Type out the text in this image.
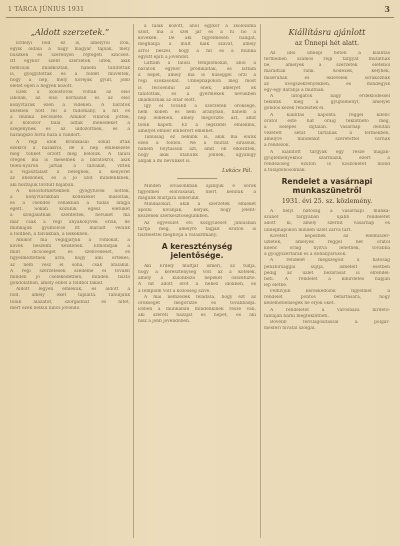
1 TÁRCA JÚNIUS 1931	3
„Aldott szerzetek.”
Erdélyi föld ez is, amelyről írok,
egyik oldala a nagy magyar tájnak, mely
büszkén és szerényen rejtegeti kincseit.
Itt egykor szent szerzetek ültek, akik
nemcsak imádkoztak, hanem tanítottak
is, gyógyítottak és a földet művelték,
hogy a nép, mely köréjük gyűlt, jobb
életet éljen a hegyek között.
Ezek a kolostorok voltak az első
iskolák, az első kórházak és az első
könyvtárak ezen a vidéken. A barátok
kezében nőtt fel a tudomány, a hit és
a munka becsülete. Amikor viharok jöttek,
a kolostor falai adtak menedéket a
szegénynek és az üldözöttnek, és a
harangszó hívta haza a vándort.
A régi idők krónikásai sokat írtak
ezekről a házakról, de a nép emlékezete
még többet őrzött meg belőlük. A falusi
öregek ma is mesélnek a barátokról, akik
télen-nyáron járták a falvakat, vitték
a vigasztalást a betegnek, a kenyeret
az éhezőnek, és a jó szót mindenkinek,
aki hozzájuk fordult bajában.
A kolostorkertekben gyógyfüvek nőttek,
a könyvtárakban kódexeket másoltak,
és a csendes cellákban a tudás lángja
égett. Sokan közülük egész életüket
a szolgálatnak szentelték, nevüket ma
már csak a régi anyakönyvek őrzik, de
munkájuk gyümölcse itt maradt velünk
a földben, a falvakban, a lelkekben.
Amikor ma végigjárjuk a romokat, a
kövek beszélni kezdenek. Elmondják a
múlt dicsőségét és szenvedését, és
figyelmeztetnek arra, hogy ami értékes,
az nem vész el soha, csak átalakul.
A régi szerzetesek szelleme él tovább
minden jó cselekedetben, minden tiszta
gondolatban, amely ebből a földből fakad.
Áldott legyen emlékük, és áldott a
föld, amely őket táplálta. Tanuljunk
tőlük alázatot, szorgalmat és hitet,
mert ezek nélkül nincs jövendő.
a falak között, ahol egykor a zsolozsma
szólt, ma a szél jár és a fű nő a
köveken. De aki figyelmesen hallgat,
meghallja a múlt halk szavát, amely
arról beszél, hogy a hit és a munka
együtt építi a jövendőt.
Láttam a falusi templomokat, ahol a
barátok egykor prédikáltak, és láttam
a népet, amely ma is hűséggel őrzi a
régi szokásokat. Ünnepnapokon még most
is felcsendül az ének, amelyet ők
tanítottak, és a gyermekek nevükben
imádkoznak az oltár előtt.
Így él tovább a szerzetek öröksége,
nem kőben és nem aranyban, hanem a
nép lelkében, amely megőrizte azt, amit
tőlük kapott. Ez a legszebb emlékmű,
amelyet ember emberért emelhet.
Tanulság ez nekünk is, akik ma élünk
ezen a földön. Ne a múltat sirassuk,
hanem folytassuk azt, amit ők elkezdtek,
hogy akik utánunk jönnek, ugyanígy
áldják a mi nevünket is.
Lukács Pál.
Minden olvasónknak ajánljuk e sorok
figyelmes elolvasását, mert bennük a
magunk múltjára ismerünk.
Mindazokat, akik a szerzetek emlékét
ápolni kívánják, kérjük, hogy jelent-
kezzenek szerkesztőségünkben.
Az egyesület évi közgyűlését júniusban
tartja meg, amelyre tagjait ezúton is
tisztelettel meghívja a választmány.
A kereszténység jelentősége.
Aki Erdély múltját ismeri, az tudja,
hogy a kereszténység volt az a kötelék,
amely a különböző népeket összefűzte.
A hit adott erőt a nehéz időkben, és
a templom volt a közösség szíve.
A mai nemzedék feladata, hogy ezt az
örökséget megőrizze és továbbadja.
Ebben a munkában mindenkinek része van,
aki szereti hazáját és népét, és aki
hisz a jobb jövendőben.
Kiállításra ajánlott
az Ünnepi hét alatt.
Az idei ünnepi héten a kiállítás
termeiben számos régi tárgyat mutatnak
be, amelyek a szerzetek életéből
maradtak ránk. Kódexek, kelyhek,
miseruhák és oklevelek sorakoznak
az üvegszekrényekben, és mindegyik
egy-egy darabja a múltnak.
A látogatók nagy érdeklődéssel
tekintik meg a gyűjteményt, amelyet
gondos kezek rendeztek el.
A kiállítás naponta reggel kilenc
órától este hat óráig tekinthető meg,
a belépés díjtalan. Vasárnap délután
vezetett sétát tartanak a termekben,
amelyre mindenkit szeretettel várnak
a rendezők.
A kiállított tárgyak egy része magán-
gyűjteményekből származik, ezért a
rendezőség ezúton is köszönetet mond
a tulajdonosoknak.
Rendelet a vasárnapi munkaszünetről
1931. évi 25. sz. közlemény.
A helyi hatóság a vasárnapi munka-
szünet tárgyában újabb rendeletet
adott ki, amely szerint vasárnap és
ünnepnapokon minden üzlet zárva tart.
Kivételt képeznek az élelmiszer-
üzletek, amelyek reggel hét órától
kilenc óráig nyitva lehetnek, továbbá
a gyógyszertárak és a dohányárusok.
A rendelet megszegőit a hatóság
pénzbírsággal sújtja, ismételt esetben
pedig az üzlet bezárását is elrendel-
heti. A rendelet a kihirdetés napján
lép életbe.
Felhívjuk kereskedőink figyelmét a
rendelet pontos betartására, hogy
kellemetlenségek ne érjék őket.
A rendeletet a városháza hirdető-
tábláján bárki megtekintheti.
Bővebb felvilágosítással a polgár-
mesteri hivatal szolgál.
